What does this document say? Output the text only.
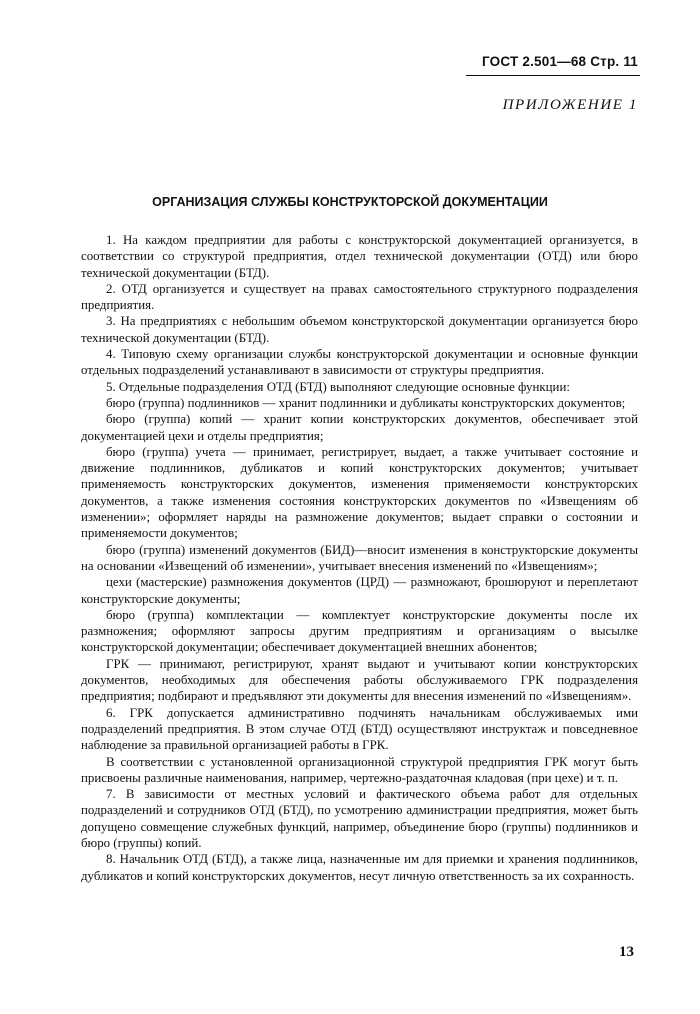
ГОСТ 2.501—68 Стр. 11
ПРИЛОЖЕНИЕ 1
ОРГАНИЗАЦИЯ СЛУЖБЫ КОНСТРУКТОРСКОЙ ДОКУМЕНТАЦИИ

1. На каждом предприятии для работы с конструкторской документацией организуется, в соответствии со структурой предприятия, отдел технической документации (ОТД) или бюро технической документации (БТД).

2. ОТД организуется и существует на правах самостоятельного структурного подразделения предприятия.

3. На предприятиях с небольшим объемом конструкторской документации организуется бюро технической документации (БТД).

4. Типовую схему организации службы конструкторской документации и основные функции отдельных подразделений устанавливают в зависимости от структуры предприятия.

5. Отдельные подразделения ОТД (БТД) выполняют следующие основные функции:

бюро (группа) подлинников — хранит подлинники и дубликаты конструкторских документов;

бюро (группа) копий — хранит копии конструкторских документов, обеспечивает этой документацией цехи и отделы предприятия;

бюро (группа) учета — принимает, регистрирует, выдает, а также учитывает состояние и движение подлинников, дубликатов и копий конструкторских документов; учитывает применяемость конструкторских документов, изменения применяемости конструкторских документов, а также изменения состояния конструкторских документов по «Извещениям об изменении»; оформляет наряды на размножение документов; выдает справки о состоянии и применяемости документов;

бюро (группа) изменений документов (БИД)—вносит изменения в конструкторские документы на основании «Извещений об изменении», учитывает внесения изменений по «Извещениям»;

цехи (мастерские) размножения документов (ЦРД) — размножают, брошюруют и переплетают конструкторские документы;

бюро (группа) комплектации — комплектует конструкторские документы после их размножения; оформляют запросы другим предприятиям и организациям о высылке конструкторской документации; обеспечивает документацией внешних абонентов;

ГРК — принимают, регистрируют, хранят выдают и учитывают копии конструкторских документов, необходимых для обеспечения работы обслуживаемого ГРК подразделения предприятия; подбирают и предъявляют эти документы для внесения изменений по «Извещениям».

6. ГРК допускается административно подчинять начальникам обслуживаемых ими подразделений предприятия. В этом случае ОТД (БТД) осуществляют инструктаж и повседневное наблюдение за правильной организацией работы в ГРК.

В соответствии с установленной организационной структурой предприятия ГРК могут быть присвоены различные наименования, например, чертежно-раздаточная кладовая (при цехе) и т. п.

7. В зависимости от местных условий и фактического объема работ для отдельных подразделений и сотрудников ОТД (БТД), по усмотрению администрации предприятия, может быть допущено совмещение служебных функций, например, объединение бюро (группы) подлинников и бюро (группы) копий.

8. Начальник ОТД (БТД), а также лица, назначенные им для приемки и хранения подлинников, дубликатов и копий конструкторских документов, несут личную ответственность за их сохранность.

13
